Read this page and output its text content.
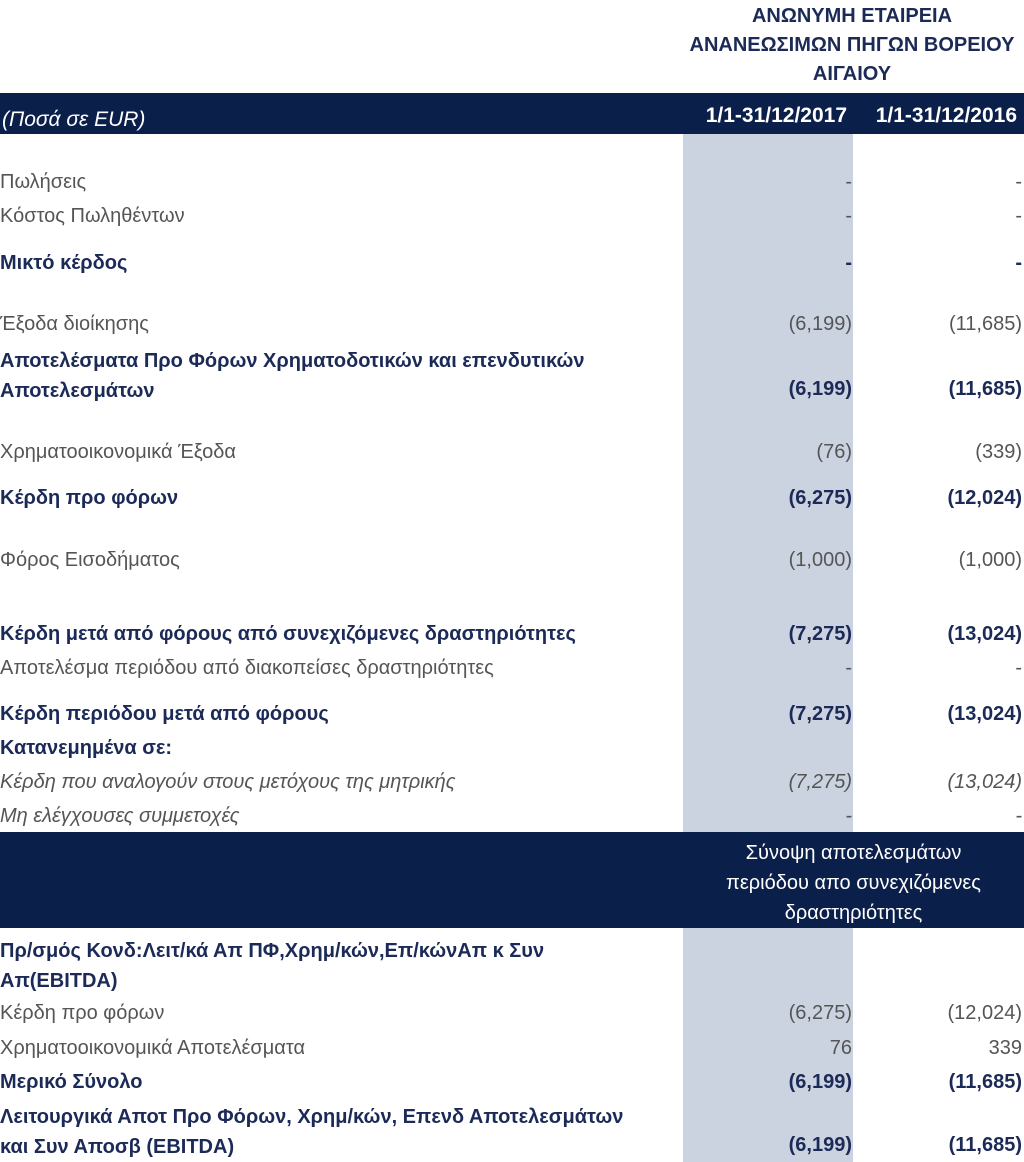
ΑΝΩΝΥΜΗ ΕΤΑΙΡΕΙΑ
ΑΝΑΝΕΩΣΙΜΩΝ ΠΗΓΩΝ ΒΟΡΕΙΟΥ
ΑΙΓΑΙΟΥ
(Ποσά σε EUR)	1/1-31/12/2017 1/1-31/12/2016
Πωλήσεις	-	-
Κόστος Πωληθέντων	-	-
Μικτό κέρδος	-	-
Έξοδα διοίκησης	(6,199)	(11,685)
Αποτελέσματα Προ Φόρων Χρηματοδοτικών και επενδυτικών
Αποτελεσμάτων	(6,199)	(11,685)
Χρηματοοικονομικά Έξοδα	(76)	(339)
Κέρδη προ φόρων	(6,275)	(12,024)
Φόρος Εισοδήματος	(1,000)	(1,000)
Κέρδη μετά από φόρους από συνεχιζόμενες δραστηριότητες	(7,275)	(13,024)
Αποτελέσμα περιόδου από διακοπείσες δραστηριότητες	-	-
Κέρδη περιόδου μετά από φόρους	(7,275)	(13,024)
Κατανεμημένα σε:
Κέρδη που αναλογούν στους μετόχους της μητρικής	(7,275)	(13,024)
Μη ελέγχουσες συμμετοχές	-	-
Σύνοψη αποτελεσμάτων
περιόδου απο συνεχιζόμενες
δραστηριότητες
Πρ/σμός Κονδ:Λειτ/κά Απ ΠΦ,Χρημ/κών,Επ/κώνΑπ κ Συν
Απ(EBITDA)
Κέρδη προ φόρων	(6,275)	(12,024)
Χρηματοοικονομικά Αποτελέσματα	76	339
Μερικό Σύνολο	(6,199)	(11,685)
Λειτουργικά Αποτ Προ Φόρων, Χρημ/κών, Επενδ Αποτελεσμάτων
και Συν Αποσβ (EBITDA)	(6,199)	(11,685)
